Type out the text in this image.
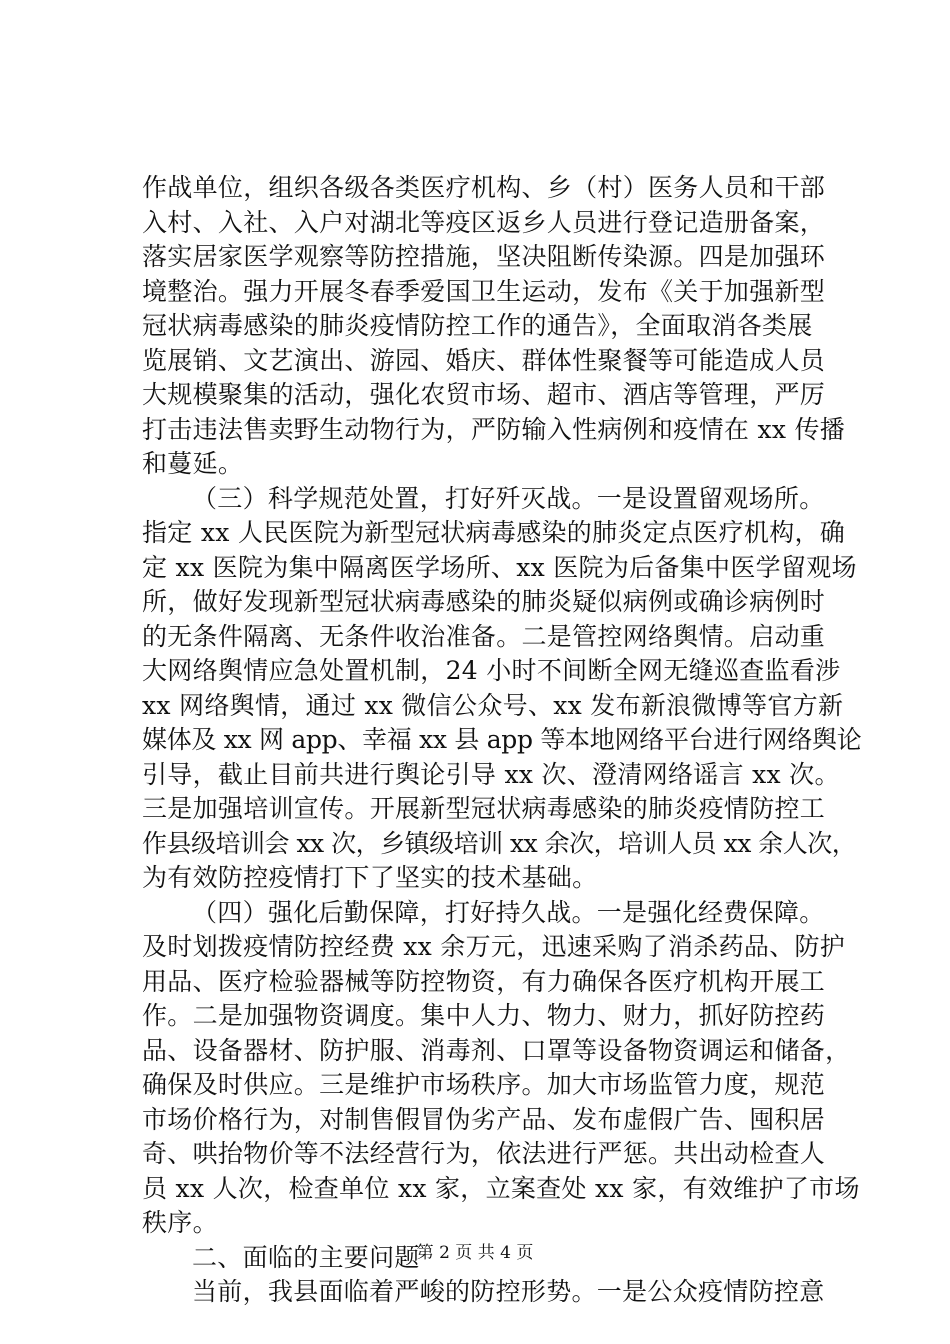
作战单位，组织各级各类医疗机构、乡（村）医务人员和干部
入村、入社、入户对湖北等疫区返乡人员进行登记造册备案，
落实居家医学观察等防控措施，坚决阻断传染源。四是加强环
境整治。强力开展冬春季爱国卫生运动，发布《关于加强新型
冠状病毒感染的肺炎疫情防控工作的通告》，全面取消各类展
览展销、文艺演出、游园、婚庆、群体性聚餐等可能造成人员
大规模聚集的活动，强化农贸市场、超市、酒店等管理，严厉
打击违法售卖野生动物行为，严防输入性病例和疫情在 xx 传播
和蔓延。
（三）科学规范处置，打好歼灭战。一是设置留观场所。
指定 xx 人民医院为新型冠状病毒感染的肺炎定点医疗机构，确
定 xx 医院为集中隔离医学场所、xx 医院为后备集中医学留观场
所，做好发现新型冠状病毒感染的肺炎疑似病例或确诊病例时
的无条件隔离、无条件收治准备。二是管控网络舆情。启动重
大网络舆情应急处置机制，24 小时不间断全网无缝巡查监看涉
xx 网络舆情，通过 xx 微信公众号、xx 发布新浪微博等官方新
媒体及 xx 网 app、幸福 xx 县 app 等本地网络平台进行网络舆论
引导，截止目前共进行舆论引导 xx 次、澄清网络谣言 xx 次。
三是加强培训宣传。开展新型冠状病毒感染的肺炎疫情防控工
作县级培训会 xx 次，乡镇级培训 xx 余次，培训人员 xx 余人次，
为有效防控疫情打下了坚实的技术基础。
（四）强化后勤保障，打好持久战。一是强化经费保障。
及时划拨疫情防控经费 xx 余万元，迅速采购了消杀药品、防护
用品、医疗检验器械等防控物资，有力确保各医疗机构开展工
作。二是加强物资调度。集中人力、物力、财力，抓好防控药
品、设备器材、防护服、消毒剂、口罩等设备物资调运和储备，
确保及时供应。三是维护市场秩序。加大市场监管力度，规范
市场价格行为，对制售假冒伪劣产品、发布虚假广告、囤积居
奇、哄抬物价等不法经营行为，依法进行严惩。共出动检查人
员 xx 人次，检查单位 xx 家，立案查处 xx 家，有效维护了市场
秩序。
二、面临的主要问题
当前，我县面临着严峻的防控形势。一是公众疫情防控意
第 2 页 共 4 页
